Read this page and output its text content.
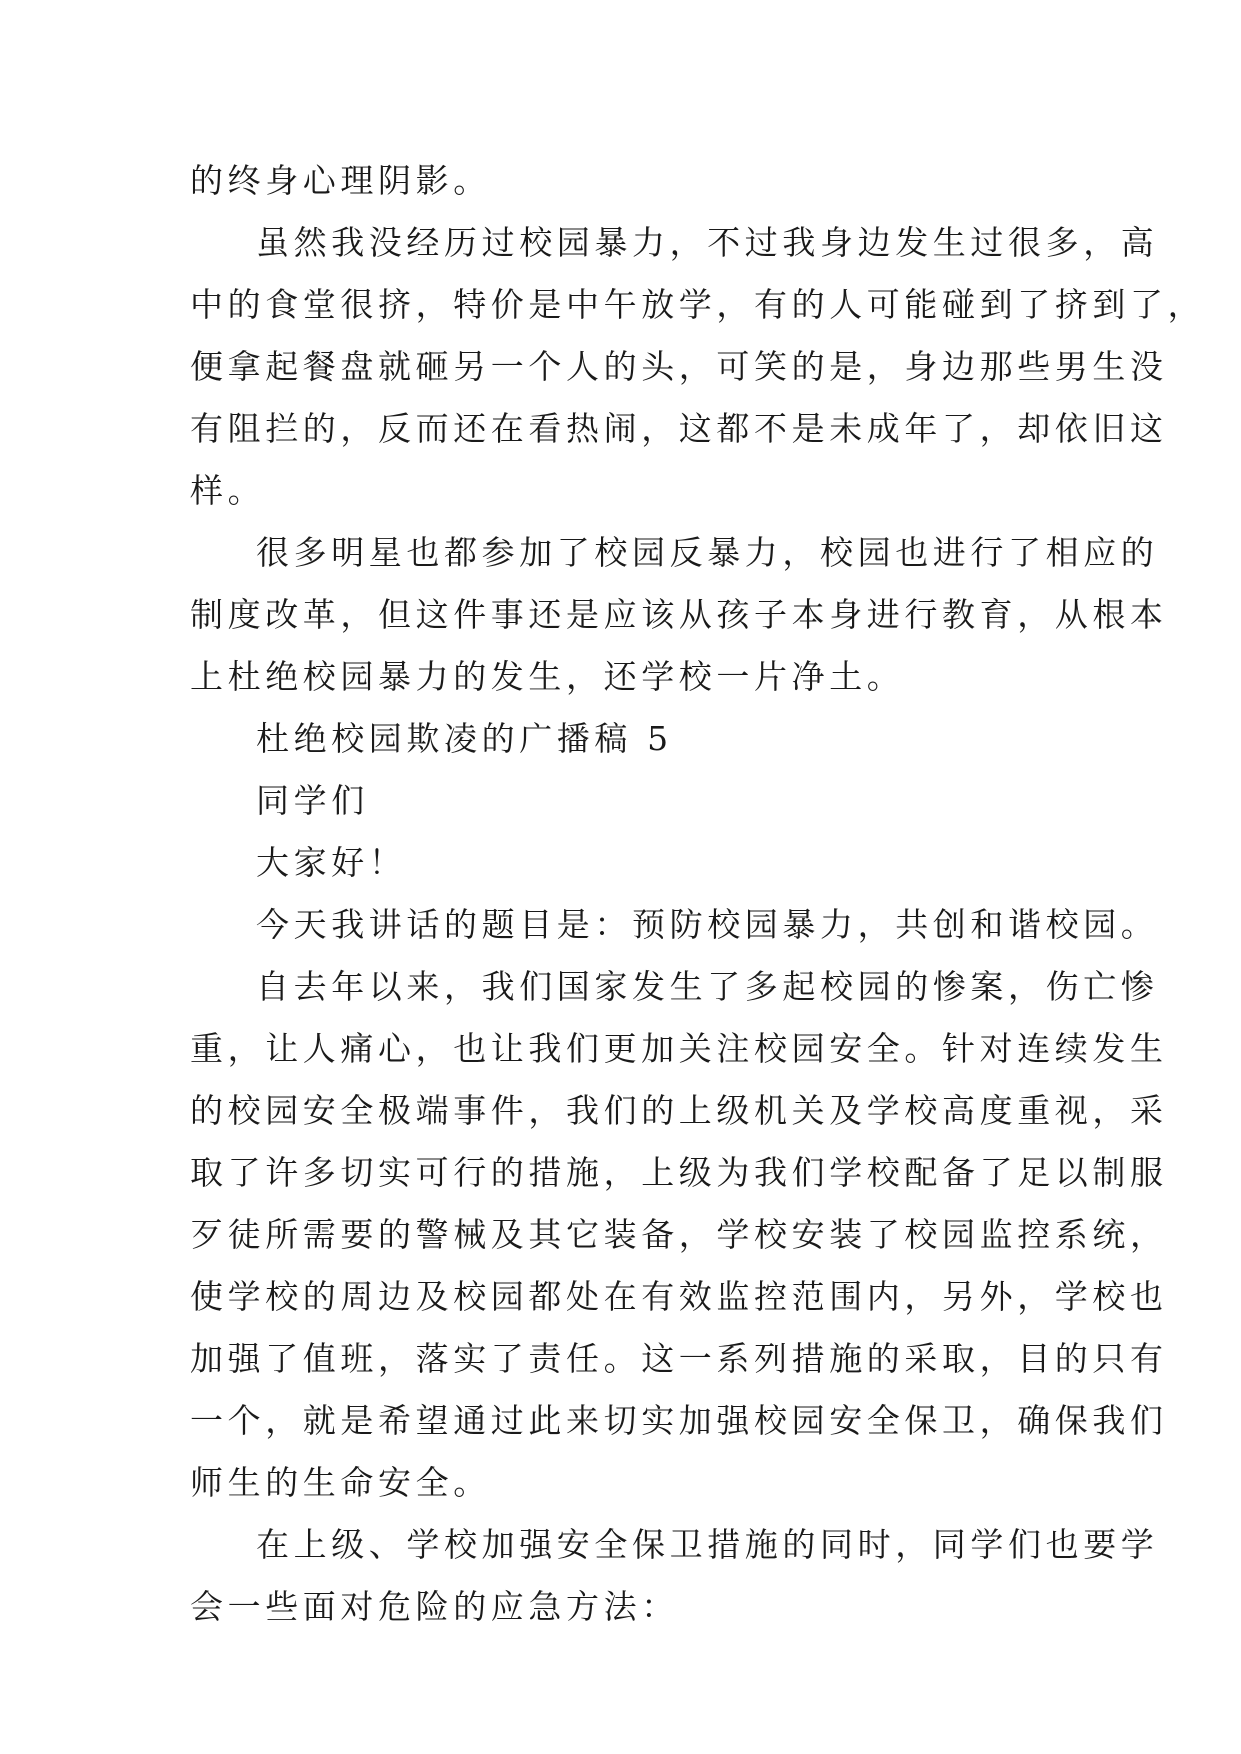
的终身心理阴影。
虽然我没经历过校园暴力，不过我身边发生过很多，高
中的食堂很挤，特价是中午放学，有的人可能碰到了挤到了，
便拿起餐盘就砸另一个人的头，可笑的是，身边那些男生没
有阻拦的，反而还在看热闹，这都不是未成年了，却依旧这
样。
很多明星也都参加了校园反暴力，校园也进行了相应的
制度改革，但这件事还是应该从孩子本身进行教育，从根本
上杜绝校园暴力的发生，还学校一片净土。
杜绝校园欺凌的广播稿 5
同学们
大家好！
今天我讲话的题目是：预防校园暴力，共创和谐校园。
自去年以来，我们国家发生了多起校园的惨案，伤亡惨
重，让人痛心，也让我们更加关注校园安全。针对连续发生
的校园安全极端事件，我们的上级机关及学校高度重视，采
取了许多切实可行的措施，上级为我们学校配备了足以制服
歹徒所需要的警械及其它装备，学校安装了校园监控系统，
使学校的周边及校园都处在有效监控范围内，另外，学校也
加强了值班，落实了责任。这一系列措施的采取，目的只有
一个，就是希望通过此来切实加强校园安全保卫，确保我们
师生的生命安全。
在上级、学校加强安全保卫措施的同时，同学们也要学
会一些面对危险的应急方法：
